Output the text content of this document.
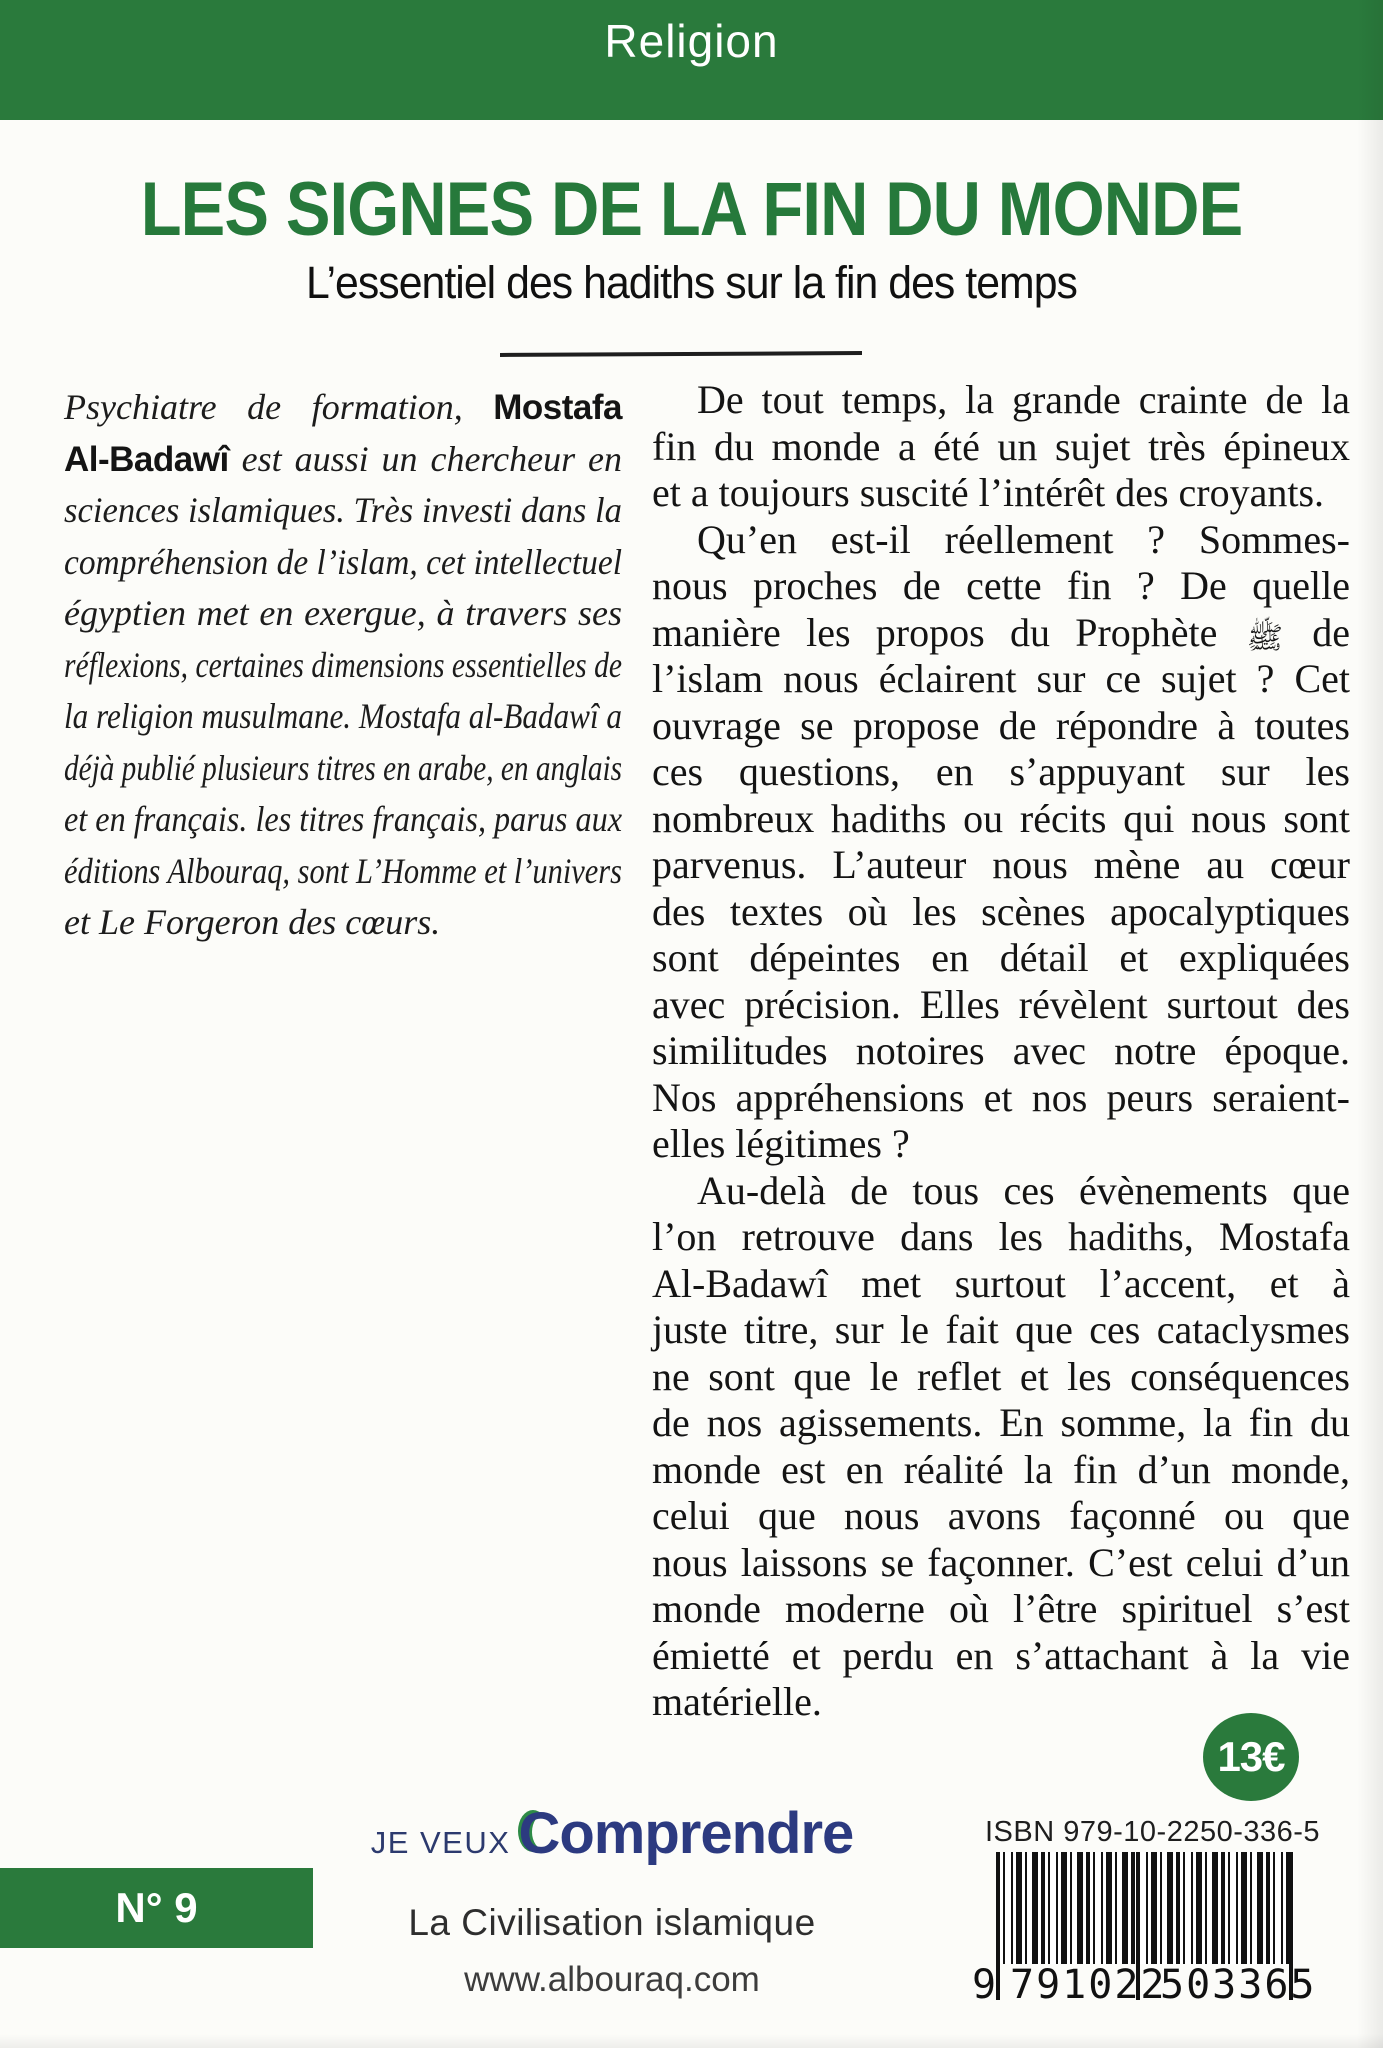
Religion
LES SIGNES DE LA FIN DU MONDE
L’essentiel des hadiths sur la fin des temps
Psychiatre de formation, Mostafa
Al-Badawî est aussi un chercheur en
sciences islamiques. Très investi dans la
compréhension de l’islam, cet intellectuel
égyptien met en exergue, à travers ses
réflexions, certaines dimensions essentielles de
la religion musulmane. Mostafa al-Badawî a
déjà publié plusieurs titres en arabe, en anglais
et en français. les titres français, parus aux
éditions Albouraq, sont L’Homme et l’univers
et Le Forgeron des cœurs.
De tout temps, la grande crainte de la
fin du monde a été un sujet très épineux
et a toujours suscité l’intérêt des croyants.
Qu’en est-il réellement ? Sommes-
nous proches de cette fin ? De quelle
manière les propos du Prophète ﷺ de
l’islam nous éclairent sur ce sujet ? Cet
ouvrage se propose de répondre à toutes
ces questions, en s’appuyant sur les
nombreux hadiths ou récits qui nous sont
parvenus. L’auteur nous mène au cœur
des textes où les scènes apocalyptiques
sont dépeintes en détail et expliquées
avec précision. Elles révèlent surtout des
similitudes notoires avec notre époque.
Nos appréhensions et nos peurs seraient-
elles légitimes ?
Au-delà de tous ces évènements que
l’on retrouve dans les hadiths, Mostafa
Al-Badawî met surtout l’accent, et à
juste titre, sur le fait que ces cataclysmes
ne sont que le reflet et les conséquences
de nos agissements. En somme, la fin du
monde est en réalité la fin d’un monde,
celui que nous avons façonné ou que
nous laissons se façonner. C’est celui d’un
monde moderne où l’être spirituel s’est
émietté et perdu en s’attachant à la vie
matérielle.
13€
JE VEUX Comprendre
N° 9	La Civilisation islamique
www.albouraq.com
ISBN 979-10-2250-336-5
9 791022
503365
